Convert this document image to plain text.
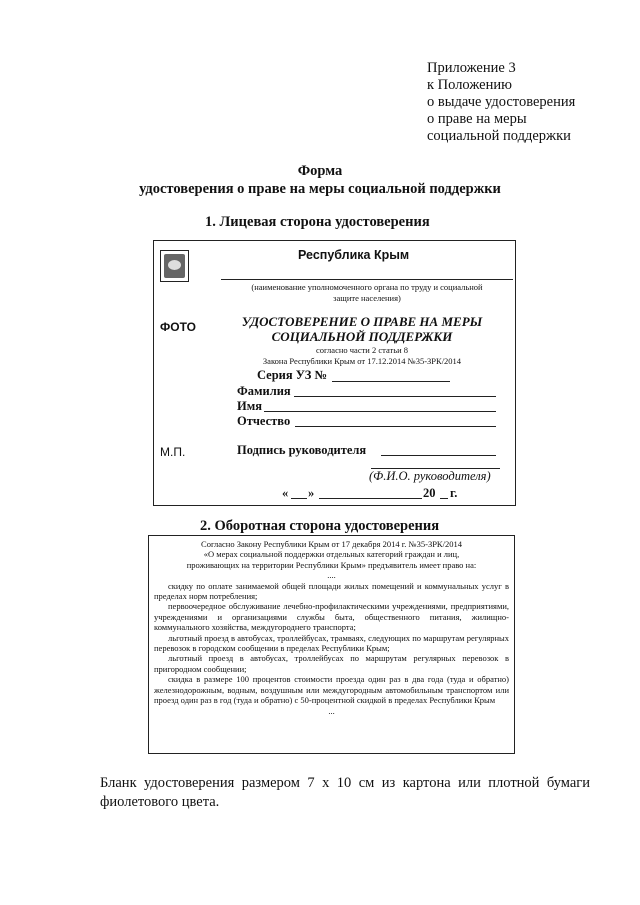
Приложение 3
к Положению
о выдаче удостоверения
о праве на меры
социальной поддержки
Форма
удостоверения о праве на меры социальной поддержки
1. Лицевая сторона удостоверения
Республика Крым
(наименование уполномоченного органа по труду и социальной
защите населения)
ФОТО
М.П.
УДОСТОВЕРЕНИЕ О ПРАВЕ НА МЕРЫ
СОЦИАЛЬНОЙ ПОДДЕРЖКИ
согласно части 2 статьи 8
Закона Республики Крым от 17.12.2014 №35-ЗРК/2014
Серия УЗ №
Фамилия
Имя
Отчество
Подпись руководителя
(Ф.И.О. руководителя)
« »	20 г.
2. Оборотная сторона удостоверения

Согласно Закону Республики Крым от 17 декабря 2014 г. №35-ЗРК/2014

«О мерах социальной поддержки отдельных категорий граждан и лиц,

проживающих на территории Республики Крым» предъявитель имеет право на:

....

скидку по оплате занимаемой общей площади жилых помещений и коммунальных услуг в пределах норм потребления;

первоочередное обслуживание лечебно-профилактическими учреждениями, предприятиями, учреждениями и организациями службы быта, общественного питания, жилищно-коммунального хозяйства, междугороднего транспорта;

льготный проезд в автобусах, троллейбусах, трамваях, следующих по маршрутам регулярных перевозок в городском сообщении в пределах Республики Крым;

льготный проезд в автобусах, троллейбусах по маршрутам регулярных перевозок в пригородном сообщении;

скидка в размере 100 процентов стоимости проезда один раз в два года (туда и обратно) железнодорожным, водным, воздушным или междугородным автомобильным транспортом или проезд один раз в год (туда и обратно) с 50-процентной скидкой в пределах Республики Крым

...

Бланк удостоверения размером 7 х 10 см из картона или плотной бумаги фиолетового цвета.
